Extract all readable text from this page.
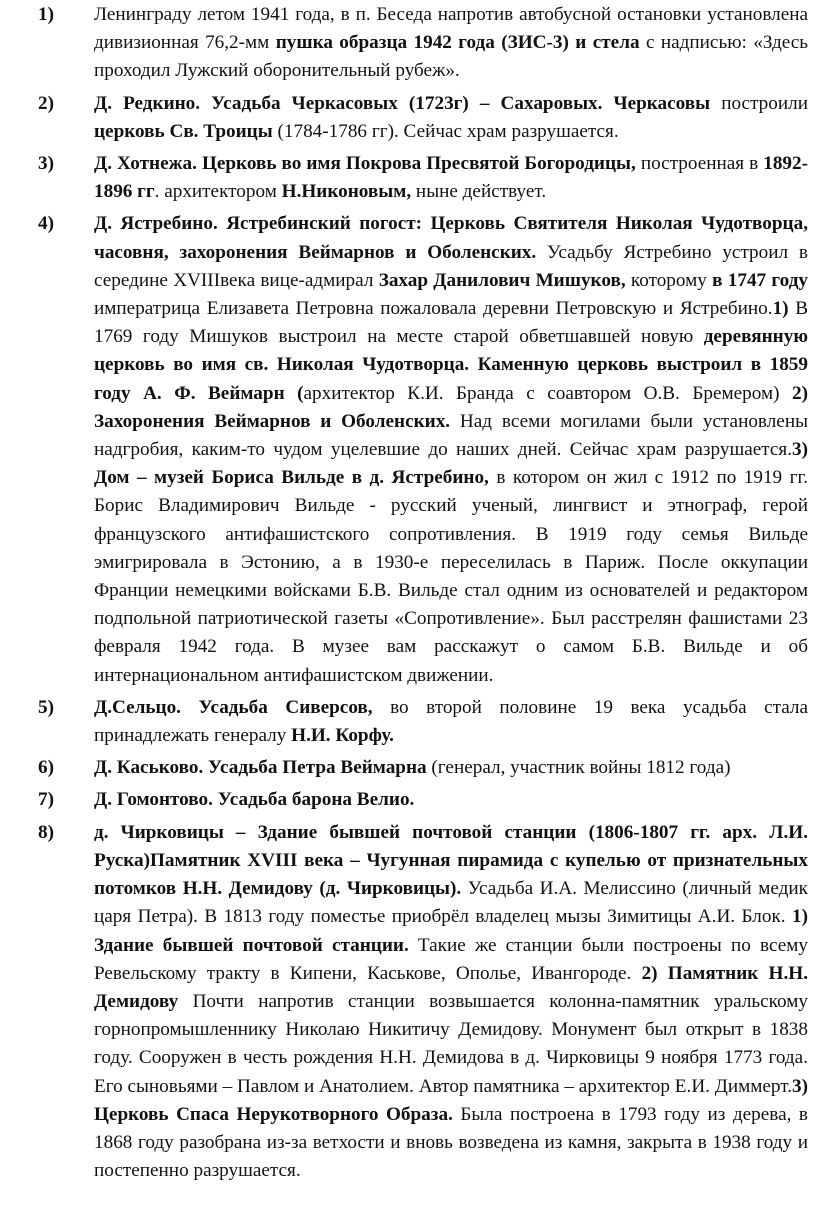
1) Ленинграду летом 1941 года, в п. Беседа напротив автобусной остановки установлена дивизионная 76,2-мм пушка образца 1942 года (ЗИС-3) и стела с надписью: «Здесь проходил Лужский оборонительный рубеж».
2) Д. Редкино. Усадьба Черкасовых (1723г) – Сахаровых. Черкасовы построили церковь Св. Троицы (1784-1786 гг). Сейчас храм разрушается.
3) Д. Хотнежа. Церковь во имя Покрова Пресвятой Богородицы, построенная в 1892-1896 гг. архитектором Н.Никоновым, ныне действует.
4) Д. Ястребино. Ястребинский погост: Церковь Святителя Николая Чудотворца, часовня, захоронения Веймарнов и Оболенских. Усадьбу Ястребино устроил в середине XVIIIвека вице-адмирал Захар Данилович Мишуков, которому в 1747 году императрица Елизавета Петровна пожаловала деревни Петровскую и Ястребино.1) В 1769 году Мишуков выстроил на месте старой обветшавшей новую деревянную церковь во имя св. Николая Чудотворца. Каменную церковь выстроил в 1859 году А. Ф. Веймарн (архитектор К.И. Бранда с соавтором О.В. Бремером) 2) Захоронения Веймарнов и Оболенских. Над всеми могилами были установлены надгробия, каким-то чудом уцелевшие до наших дней. Сейчас храм разрушается.3) Дом – музей Бориса Вильде в д. Ястребино, в котором он жил с 1912 по 1919 гг. Борис Владимирович Вильде - русский ученый, лингвист и этнограф, герой французского антифашистского сопротивления. В 1919 году семья Вильде эмигрировала в Эстонию, а в 1930-е переселилась в Париж. После оккупации Франции немецкими войсками Б.В. Вильде стал одним из основателей и редактором подпольной патриотической газеты «Сопротивление». Был расстрелян фашистами 23 февраля 1942 года. В музее вам расскажут о самом Б.В. Вильде и об интернациональном антифашистском движении.
5) Д.Сельцо. Усадьба Сиверсов, во второй половине 19 века усадьба стала принадлежать генералу Н.И. Корфу.
6) Д. Каськово. Усадьба Петра Веймарна (генерал, участник войны 1812 года)
7) Д. Гомонтово. Усадьба барона Велио.
8) д. Чирковицы – Здание бывшей почтовой станции (1806-1807 гг. арх. Л.И. Руска)Памятник XVIII века – Чугунная пирамида с купелью от признательных потомков Н.Н. Демидову (д. Чирковицы). Усадьба И.А. Мелиссино (личный медик царя Петра). В 1813 году поместье приобрёл владелец мызы Зимитицы А.И. Блок. 1) Здание бывшей почтовой станции. Такие же станции были построены по всему Ревельскому тракту в Кипени, Каськове, Ополье, Ивангороде. 2) Памятник Н.Н. Демидову Почти напротив станции возвышается колонна-памятник уральскому горнопромышленнику Николаю Никитичу Демидову. Монумент был открыт в 1838 году. Сооружен в честь рождения Н.Н. Демидова в д. Чирковицы 9 ноября 1773 года. Его сыновьями – Павлом и Анатолием. Автор памятника – архитектор Е.И. Диммерт.3) Церковь Спаса Нерукотворного Образа. Была построена в 1793 году из дерева, в 1868 году разобрана из-за ветхости и вновь возведена из камня, закрыта в 1938 году и постепенно разрушается.
